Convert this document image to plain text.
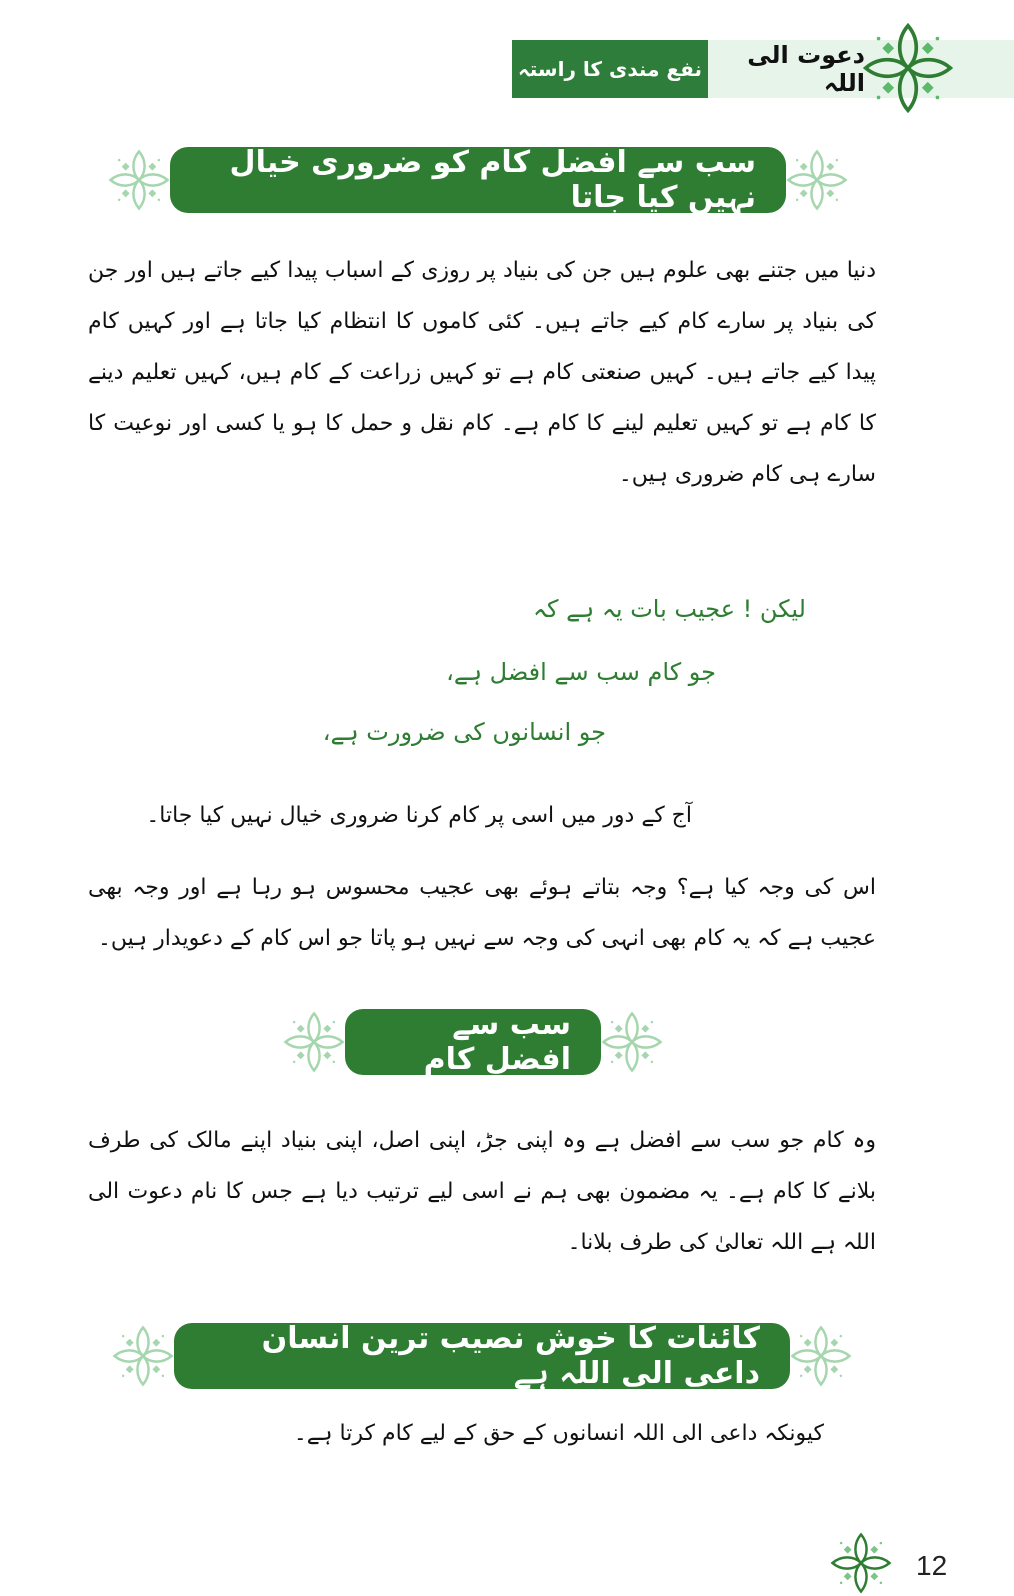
نفع مندی کا راستہ	دعوت الی اللہ
سب سے افضل کام کو ضروری خیال نہیں کیا جاتا
دنیا میں جتنے بھی علوم ہیں جن کی بنیاد پر روزی کے اسباب پیدا کیے جاتے ہیں اور جن کی بنیاد پر سارے کام کیے جاتے ہیں۔ کئی کاموں کا انتظام کیا جاتا ہے اور کہیں کام پیدا کیے جاتے ہیں۔ کہیں صنعتی کام ہے تو کہیں زراعت کے کام ہیں، کہیں تعلیم دینے کا کام ہے تو کہیں تعلیم لینے کا کام ہے۔ کام نقل و حمل کا ہو یا کسی اور نوعیت کا سارے ہی کام ضروری ہیں۔
لیکن ! عجیب بات یہ ہے کہ
جو کام سب سے افضل ہے،
جو انسانوں کی ضرورت ہے،
آج کے دور میں اسی پر کام کرنا ضروری خیال نہیں کیا جاتا۔
اس کی وجہ کیا ہے؟ وجہ بتاتے ہوئے بھی عجیب محسوس ہو رہا ہے اور وجہ بھی عجیب ہے کہ یہ کام بھی انہی کی وجہ سے نہیں ہو پاتا جو اس کام کے دعویدار ہیں۔
سب سے افضل کام
وہ کام جو سب سے افضل ہے وہ اپنی جڑ، اپنی اصل، اپنی بنیاد اپنے مالک کی طرف بلانے کا کام ہے۔ یہ مضمون بھی ہم نے اسی لیے ترتیب دیا ہے جس کا نام دعوت الی اللہ ہے اللہ تعالیٰ کی طرف بلانا۔
کائنات کا خوش نصیب ترین انسان داعی الی اللہ ہے
کیونکہ داعی الی اللہ انسانوں کے حق کے لیے کام کرتا ہے۔
12
